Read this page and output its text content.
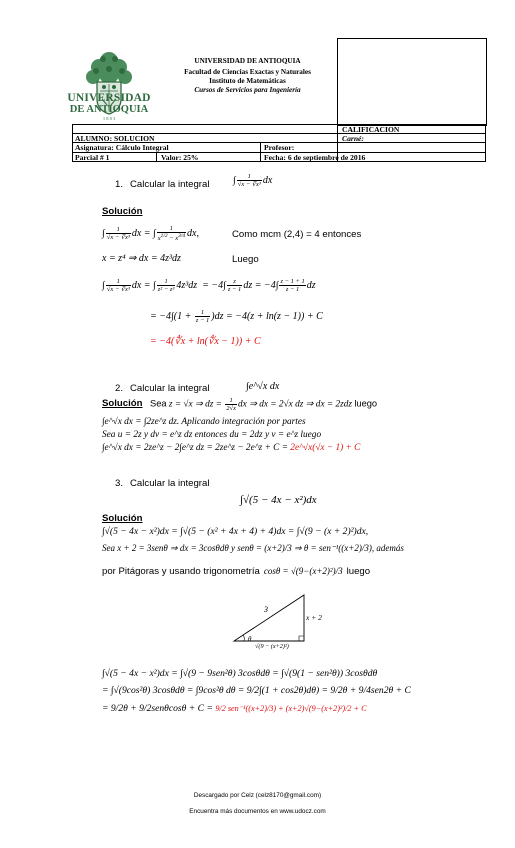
UNIVERSIDAD
DE ANTIOQUIA
1 8 0 3
UNIVERSIDAD DE ANTIOQUIA
Facultad de Ciencias Exactas y Naturales
Instituto de Matemáticas
Cursos de Servicios para Ingeniería
CALIFICACION
ALUMNO: SOLUCION	Carné:
Asignatura: Cálculo Integral	Profesor:
Parcial # 1	Valor: 25%	Fecha: 6 de septiembre de 2016
1. Calcular la integral ∫ $\frac{1}{\text{√x − ∜x³}}$ dx
Solución
∫ $\frac{1}{\text{√x − ∜x³}}$ dx = ∫ $\frac{1}{x^{1/2} - x^{3/4}}$ dx,	Como mcm (2,4) = 4 entonces
x = z⁴ ⇒ dx = 4z³dz	Luego
∫ $\frac{1}{\text{√x − ∜x³}}$ dx = ∫ $\frac{1}{\text{z² − z³}} 4z^3dz = -4\int \frac{z}{z - 1}$ dz = $-4\int \frac{z - 1 + 1}{z - 1}$ dz
= $-4\int(1 + \frac{1}{z - 1} )dz = -4(z + \ln(z - 1)) + C$
= −4(∜x + ln(∜x − 1)) + C
2. Calcular la integral	∫e^√x dx
Solución Sea z = √x ⇒ dz = $\frac{1}{2√x}$ dx ⇒ dx = 2√x dz ⇒ dx = 2zdz luego
∫e^√x dx = ∫2ze^z dz. Aplicando integración por partes
Sea u = 2z y dv = e^z dz entonces du = 2dz y v = e^z luego
∫e^√x dx = 2ze^z − 2∫e^z dz = 2ze^z − 2e^z + C = 2e^√x(√x − 1) + C
3. Calcular la integral
∫√(5 − 4x − x²)dx
Solución
∫√(5 − 4x − x²)dx = ∫√(5 − (x² + 4x + 4) + 4)dx = ∫√(9 − (x + 2)²)dx,
Sea x + 2 = 3senθ ⇒ dx = 3cosθdθ y senθ = (x+2)/3 ⇒ θ = sen⁻¹((x+2)/3), además
por Pitágoras y usando trigonometría cosθ = √(9−(x+2)²)/3 luego
3
x + 2
θ
√(9 − (x+2)²)
∫√(5 − 4x − x²)dx = ∫√(9 − 9sen²θ) 3cosθdθ = ∫√(9(1 − sen²θ)) 3cosθdθ
= ∫√(9cos²θ) 3cosθdθ = ∫9cos²θ dθ = 9/2∫(1 + cos2θ)dθ) = 9/2θ + 9/4sen2θ + C
= 9/2θ + 9/2senθcosθ + C = 9/2 sen⁻¹((x+2)/3) + (x+2)√(9−(x+2)²)/2 + C
Descargado por Celz (celz8170@gmail.com)
Encuentra más documentos en www.udocz.com
